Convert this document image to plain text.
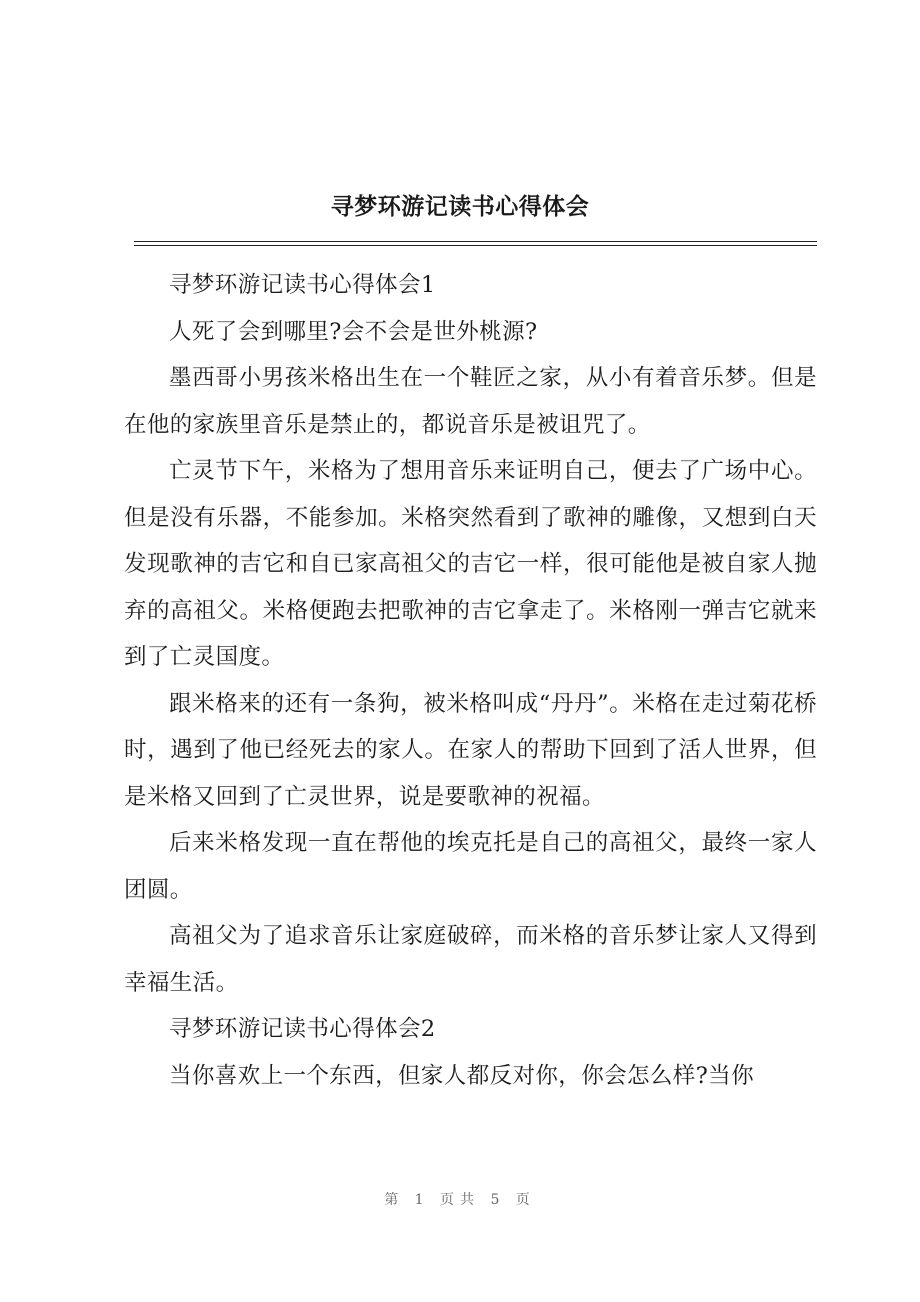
寻梦环游记读书心得体会

寻梦环游记读书心得体会1

人死了会到哪里?会不会是世外桃源?

墨西哥小男孩米格出生在一个鞋匠之家，从小有着音乐梦。但是在他的家族里音乐是禁止的，都说音乐是被诅咒了。

亡灵节下午，米格为了想用音乐来证明自己，便去了广场中心。但是没有乐器，不能参加。米格突然看到了歌神的雕像，又想到白天发现歌神的吉它和自已家高祖父的吉它一样，很可能他是被自家人抛弃的高祖父。米格便跑去把歌神的吉它拿走了。米格刚一弹吉它就来到了亡灵国度。

跟米格来的还有一条狗，被米格叫成“丹丹”。米格在走过菊花桥时，遇到了他已经死去的家人。在家人的帮助下回到了活人世界，但是米格又回到了亡灵世界，说是要歌神的祝福。

后来米格发现一直在帮他的埃克托是自己的高祖父，最终一家人团圆。

高祖父为了追求音乐让家庭破碎，而米格的音乐梦让家人又得到幸福生活。

寻梦环游记读书心得体会2

当你喜欢上一个东西，但家人都反对你，你会怎么样?当你

第 1 页共 5 页
